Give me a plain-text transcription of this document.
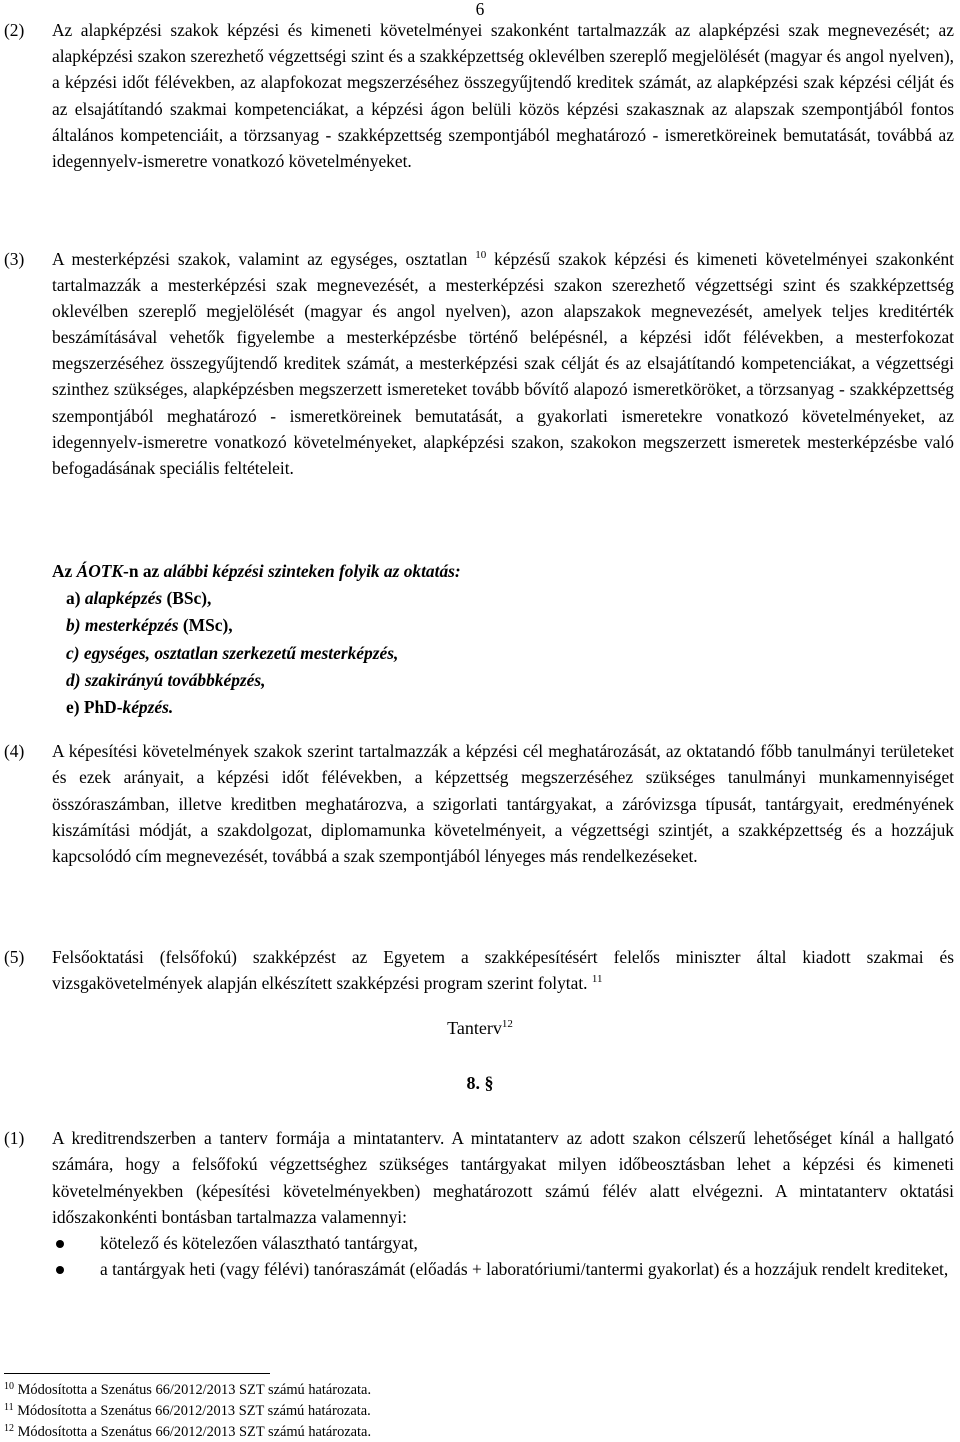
6
(2) Az alapképzési szakok képzési és kimeneti követelményei szakonként tartalmazzák az alapképzési szak megnevezését; az alapképzési szakon szerezhető végzettségi szint és a szakképzettség oklevélben szereplő megjelölését (magyar és angol nyelven), a képzési időt félévekben, az alapfokozat megszerzéséhez összegyűjtendő kreditek számát, az alapképzési szak képzési célját és az elsajátítandó szakmai kompetenciákat, a képzési ágon belüli közös képzési szakasznak az alapszak szempontjából fontos általános kompetenciáit, a törzsanyag - szakképzettség szempontjából meghatározó - ismeretköreinek bemutatását, továbbá az idegennyelv-ismeretre vonatkozó követelményeket.
(3) A mesterképzési szakok, valamint az egységes, osztatlan $^{10}$ képzésű szakok képzési és kimeneti követelményei szakonként tartalmazzák a mesterképzési szak megnevezését, a mesterképzési szakon szerezhető végzettségi szint és szakképzettség oklevélben szereplő megjelölését (magyar és angol nyelven), azon alapszakok megnevezését, amelyek teljes kreditérték beszámításával vehetők figyelembe a mesterképzésbe történő belépésnél, a képzési időt félévekben, a mesterfokozat megszerzéséhez összegyűjtendő kreditek számát, a mesterképzési szak célját és az elsajátítandó kompetenciákat, a végzettségi szinthez szükséges, alapképzésben megszerzett ismereteket tovább bővítő alapozó ismeretköröket, a törzsanyag - szakképzettség szempontjából meghatározó - ismeretköreinek bemutatását, a gyakorlati ismeretekre vonatkozó követelményeket, az idegennyelv-ismeretre vonatkozó követelményeket, alapképzési szakon, szakokon megszerzett ismeretek mesterképzésbe való befogadásának speciális feltételeit.
Az ÁOTK-n az alábbi képzési szinteken folyik az oktatás:
a) alapképzés (BSc),
b) mesterképzés (MSc),
c) egységes, osztatlan szerkezetű mesterképzés,
d) szakirányú továbbképzés,
e) PhD-képzés.
(4) A képesítési követelmények szakok szerint tartalmazzák a képzési cél meghatározását, az oktatandó főbb tanulmányi területeket és ezek arányait, a képzési időt félévekben, a képzettség megszerzéséhez szükséges tanulmányi munkamennyiséget összóraszámban, illetve kreditben meghatározva, a szigorlati tantárgyakat, a záróvizsga típusát, tantárgyait, eredményének kiszámítási módját, a szakdolgozat, diplomamunka követelményeit, a végzettségi szintjét, a szakképzettség és a hozzájuk kapcsolódó cím megnevezését, továbbá a szak szempontjából lényeges más rendelkezéseket.
(5) Felsőoktatási (felsőfokú) szakképzést az Egyetem a szakképesítésért felelős miniszter által kiadott szakmai és vizsgakövetelmények alapján elkészített szakképzési program szerint folytat. $^{11}$
Tanterv$^{12}$
8. §
(1) A kreditrendszerben a tanterv formája a mintatanterv. A mintatanterv az adott szakon célszerű lehetőséget kínál a hallgató számára, hogy a felsőfokú végzettséghez szükséges tantárgyakat milyen időbeosztásban lehet a képzési és kimeneti követelményekben (képesítési követelményekben) meghatározott számú félév alatt elvégezni. A mintatanterv oktatási időszakonkénti bontásban tartalmazza valamennyi:
kötelező és kötelezően választható tantárgyat,
a tantárgyak heti (vagy félévi) tanóraszámát (előadás + laboratóriumi/tantermi gyakorlat) és a hozzájuk rendelt krediteket,
$^{10}$ Módosította a Szenátus 66/2012/2013 SZT számú határozata.
$^{11}$ Módosította a Szenátus 66/2012/2013 SZT számú határozata.
$^{12}$ Módosította a Szenátus 66/2012/2013 SZT számú határozata.
